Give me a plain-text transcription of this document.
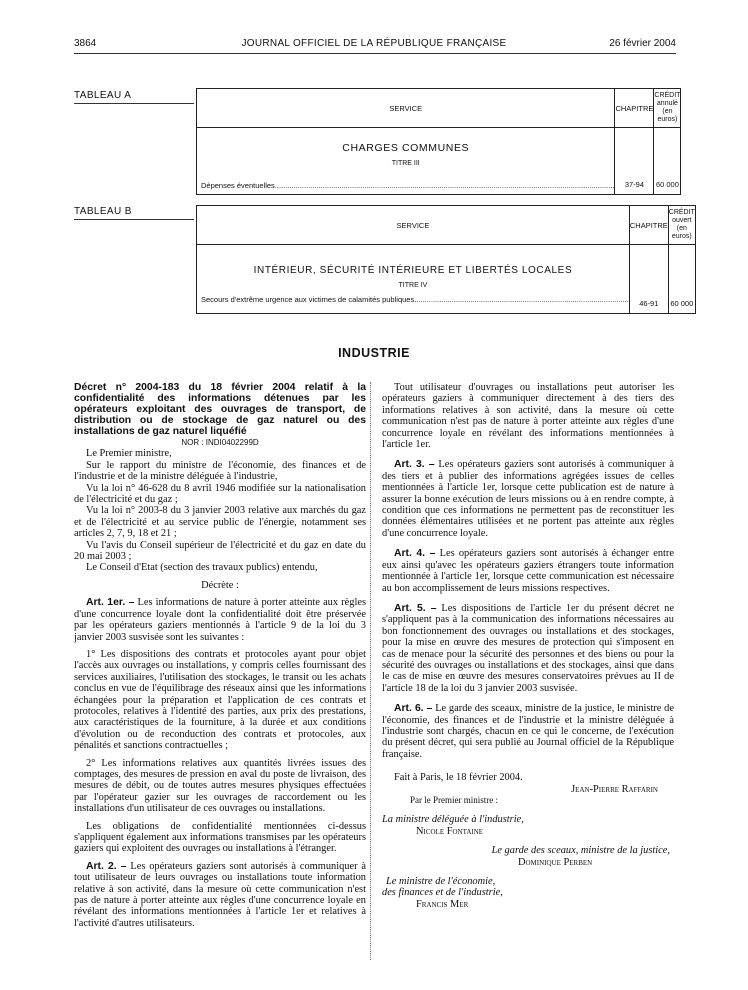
3864	JOURNAL OFFICIEL DE LA RÉPUBLIQUE FRANÇAISE	26 février 2004
TABLEAU A
SERVICE	CHAPITRE	CRÉDIT
annulé
(en euros)

CHARGES COMMUNES
TITRE III
Dépenses éventuelles...................................................................................................................................................................	37-94	60 000
TABLEAU B
SERVICE	CHAPITRE	CRÉDIT
ouvert
(en euros)

INTÉRIEUR, SÉCURITÉ INTÉRIEURE ET LIBERTÉS LOCALES
TITRE IV
Secours d'extrême urgence aux victimes de calamités publiques.......................................................................................................	46-91	60 000
INDUSTRIE

Décret n° 2004-183 du 18 février 2004 relatif à la confidentialité des informations détenues par les opérateurs exploitant des ouvrages de transport, de distribution ou de stockage de gaz naturel ou des installations de gaz naturel liquéfié

NOR : INDI0402299D

Le Premier ministre,

Sur le rapport du ministre de l'économie, des finances et de l'industrie et de la ministre déléguée à l'industrie,

Vu la loi n° 46-628 du 8 avril 1946 modifiée sur la nationalisation de l'électricité et du gaz ;

Vu la loi n° 2003-8 du 3 janvier 2003 relative aux marchés du gaz et de l'électricité et au service public de l'énergie, notamment ses articles 2, 7, 9, 18 et 21 ;

Vu l'avis du Conseil supérieur de l'électricité et du gaz en date du 20 mai 2003 ;

Le Conseil d'Etat (section des travaux publics) entendu,

Décrète :

Art. 1er. – Les informations de nature à porter atteinte aux règles d'une concurrence loyale dont la confidentialité doit être préservée par les opérateurs gaziers mentionnés à l'article 9 de la loi du 3 janvier 2003 susvisée sont les suivantes :

1° Les dispositions des contrats et protocoles ayant pour objet l'accès aux ouvrages ou installations, y compris celles fournissant des services auxiliaires, l'utilisation des stockages, le transit ou les achats conclus en vue de l'équilibrage des réseaux ainsi que les informations échangées pour la préparation et l'application de ces contrats et protocoles, relatives à l'identité des parties, aux prix des prestations, aux caractéristiques de la fourniture, à la durée et aux conditions d'évolution ou de reconduction des contrats et protocoles, aux pénalités et sanctions contractuelles ;

2° Les informations relatives aux quantités livrées issues des comptages, des mesures de pression en aval du poste de livraison, des mesures de débit, ou de toutes autres mesures physiques effectuées par l'opérateur gazier sur les ouvrages de raccordement ou les installations d'un utilisateur de ces ouvrages ou installations.

Les obligations de confidentialité mentionnées ci-dessus s'appliquent également aux informations transmises par les opérateurs gaziers qui exploitent des ouvrages ou installations à l'étranger.

Art. 2. – Les opérateurs gaziers sont autorisés à communiquer à tout utilisateur de leurs ouvrages ou installations toute information relative à son activité, dans la mesure où cette communication n'est pas de nature à porter atteinte aux règles d'une concurrence loyale en révélant des informations mentionnées à l'article 1er et relatives à l'activité d'autres utilisateurs.

Tout utilisateur d'ouvrages ou installations peut autoriser les opérateurs gaziers à communiquer directement à des tiers des informations relatives à son activité, dans la mesure où cette communication n'est pas de nature à porter atteinte aux règles d'une concurrence loyale en révélant des informations mentionnées à l'article 1er.

Art. 3. – Les opérateurs gaziers sont autorisés à communiquer à des tiers et à publier des informations agrégées issues de celles mentionnées à l'article 1er, lorsque cette publication est de nature à assurer la bonne exécution de leurs missions ou à en rendre compte, à condition que ces informations ne permettent pas de reconstituer les données élémentaires utilisées et ne portent pas atteinte aux règles d'une concurrence loyale.

Art. 4. – Les opérateurs gaziers sont autorisés à échanger entre eux ainsi qu'avec les opérateurs gaziers étrangers toute information mentionnée à l'article 1er, lorsque cette communication est nécessaire au bon accomplissement de leurs missions respectives.

Art. 5. – Les dispositions de l'article 1er du présent décret ne s'appliquent pas à la communication des informations nécessaires au bon fonctionnement des ouvrages ou installations et des stockages, pour la mise en œuvre des mesures de protection qui s'imposent en cas de menace pour la sécurité des personnes et des biens ou pour la sécurité des ouvrages ou installations et des stockages, ainsi que dans le cas de mise en œuvre des mesures conservatoires prévues au II de l'article 18 de la loi du 3 janvier 2003 susvisée.

Art. 6. – Le garde des sceaux, ministre de la justice, le ministre de l'économie, des finances et de l'industrie et la ministre déléguée à l'industrie sont chargés, chacun en ce qui le concerne, de l'exécution du présent décret, qui sera publié au Journal officiel de la République française.

Fait à Paris, le 18 février 2004.

Jean-Pierre Raffarin

Par le Premier ministre :

La ministre déléguée à l'industrie,

Nicole Fontaine

Le garde des sceaux, ministre de la justice,

Dominique Perben

Le ministre de l'économie,

des finances et de l'industrie,

Francis Mer
